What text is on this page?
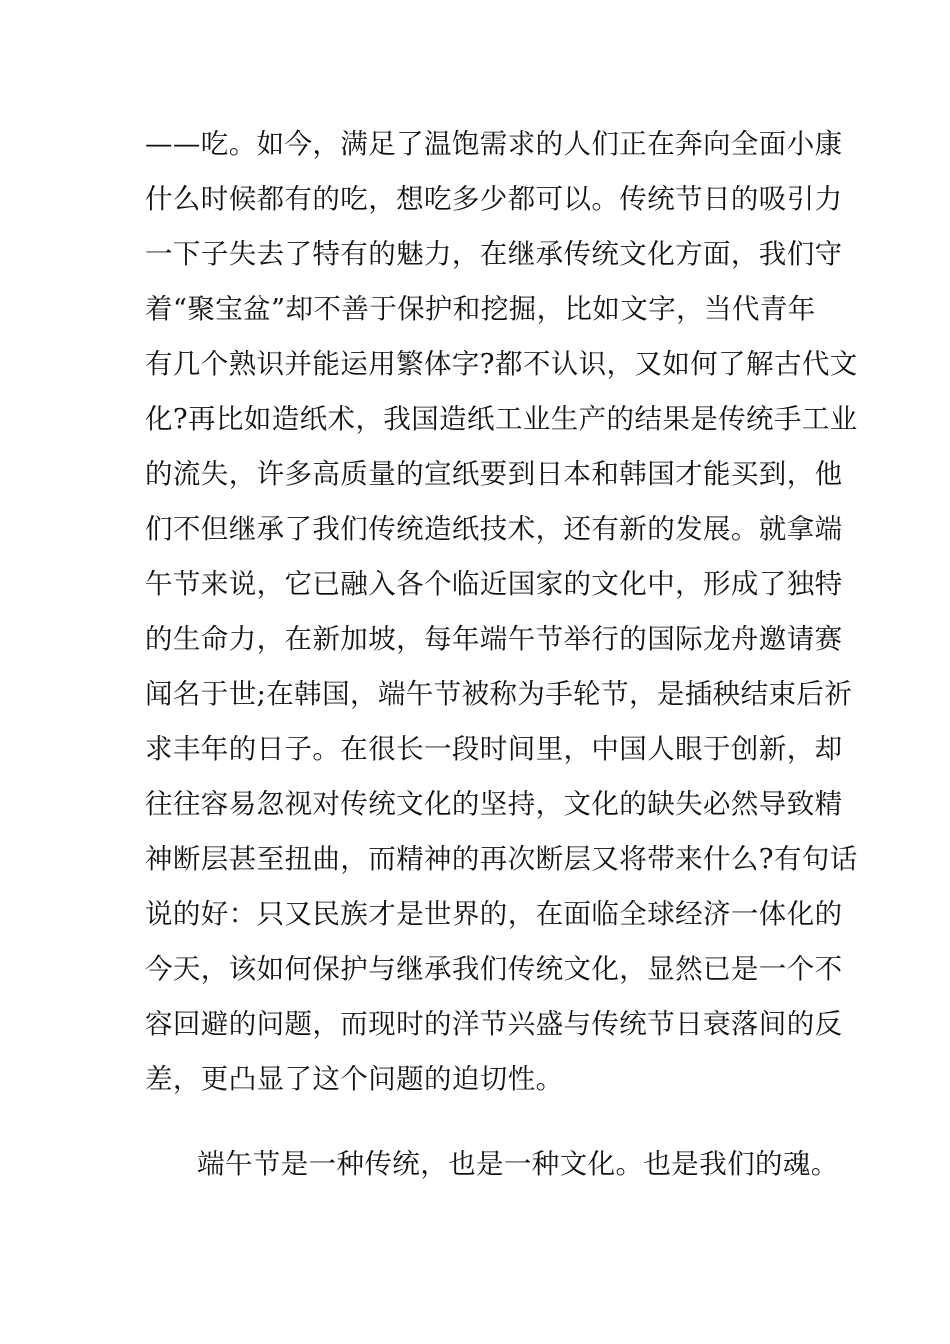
——吃。如今，满足了温饱需求的人们正在奔向全面小康
什么时候都有的吃，想吃多少都可以。传统节日的吸引力
一下子失去了特有的魅力，在继承传统文化方面，我们守
着“聚宝盆”却不善于保护和挖掘，比如文字，当代青年
有几个熟识并能运用繁体字?都不认识，又如何了解古代文
化?再比如造纸术，我国造纸工业生产的结果是传统手工业
的流失，许多高质量的宣纸要到日本和韩国才能买到，他
们不但继承了我们传统造纸技术，还有新的发展。就拿端
午节来说，它已融入各个临近国家的文化中，形成了独特
的生命力，在新加坡，每年端午节举行的国际龙舟邀请赛
闻名于世;在韩国，端午节被称为手轮节，是插秧结束后祈
求丰年的日子。在很长一段时间里，中国人眼于创新，却
往往容易忽视对传统文化的坚持，文化的缺失必然导致精
神断层甚至扭曲，而精神的再次断层又将带来什么?有句话
说的好：只又民族才是世界的，在面临全球经济一体化的
今天，该如何保护与继承我们传统文化，显然已是一个不
容回避的问题，而现时的洋节兴盛与传统节日衰落间的反
差，更凸显了这个问题的迫切性。
端午节是一种传统，也是一种文化。也是我们的魂。
